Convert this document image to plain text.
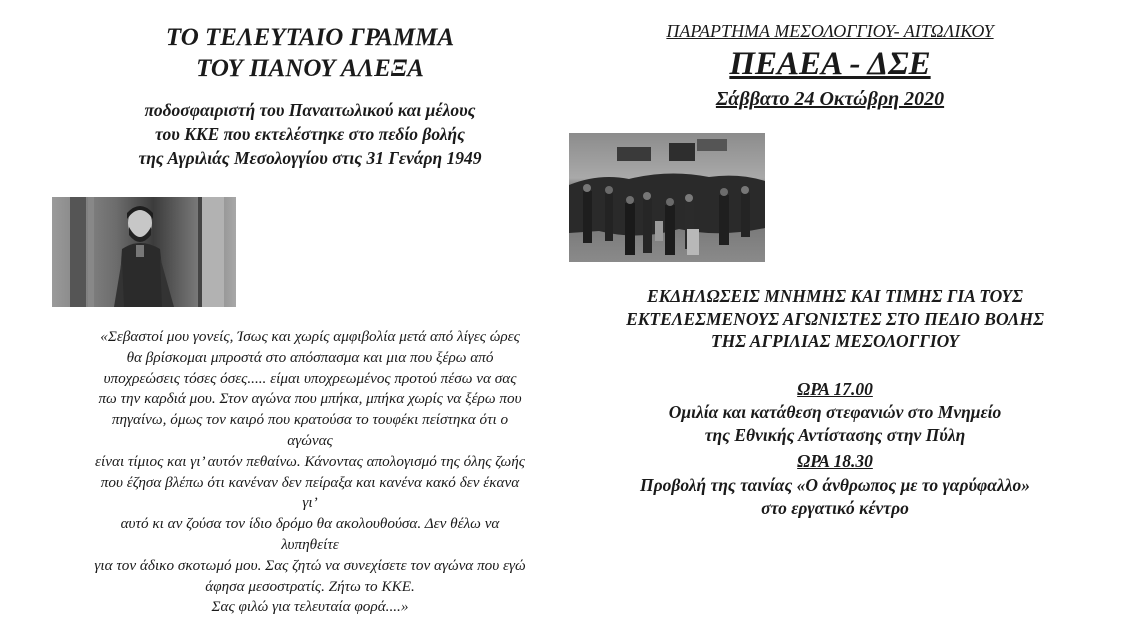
ΤΟ ΤΕΛΕΥΤΑΙΟ ΓΡΑΜΜΑ
ΤΟΥ ΠΑΝΟΥ ΑΛΕΞΑ
ποδοσφαιριστή του Παναιτωλικού και μέλους
του ΚΚΕ που εκτελέστηκε στο πεδίο βολής
της Αγριλιάς Μεσολογγίου στις 31 Γενάρη 1949
«Σεβαστοί μου γονείς, Ίσως και χωρίς αμφιβολία μετά από λίγες ώρες
θα βρίσκομαι μπροστά στο απόσπασμα και μια που ξέρω από
υποχρεώσεις τόσες όσες..... είμαι υποχρεωμένος προτού πέσω να σας
πω την καρδιά μου. Στον αγώνα που μπήκα, μπήκα χωρίς να ξέρω που
πηγαίνω, όμως τον καιρό που κρατούσα το τουφέκι πείστηκα ότι ο
αγώνας
είναι τίμιος και γι’ αυτόν πεθαίνω. Κάνοντας απολογισμό της όλης ζωής
που έζησα βλέπω ότι κανέναν δεν πείραξα και κανένα κακό δεν έκανα
γι’
αυτό κι αν ζούσα τον ίδιο δρόμο θα ακολουθούσα. Δεν θέλω να
λυπηθείτε
για τον άδικο σκοτωμό μου. Σας ζητώ να συνεχίσετε τον αγώνα που εγώ
άφησα μεσοστρατίς. Ζήτω το ΚΚΕ.
Σας φιλώ για τελευταία φορά....»
ΠΑΡΑΡΤΗΜΑ ΜΕΣΟΛΟΓΓΙΟΥ- ΑΙΤΩΛΙΚΟΥ
ΠΕΑΕΑ - ΔΣΕ
Σάββατο 24 Οκτώβρη 2020
ΕΚΔΗΛΩΣΕΙΣ ΜΝΗΜΗΣ ΚΑΙ ΤΙΜΗΣ ΓΙΑ ΤΟΥΣ
ΕΚΤΕΛΕΣΜΕΝΟΥΣ ΑΓΩΝΙΣΤΕΣ ΣΤΟ ΠΕΔΙΟ ΒΟΛΗΣ
ΤΗΣ ΑΓΡΙΛΙΑΣ ΜΕΣΟΛΟΓΓΙΟΥ
ΩΡΑ 17.00
Ομιλία και κατάθεση στεφανιών στο Μνημείο
της Εθνικής Αντίστασης στην Πύλη
ΩΡΑ 18.30
Προβολή της ταινίας «Ο άνθρωπος με το γαρύφαλλο»
στο εργατικό κέντρο
